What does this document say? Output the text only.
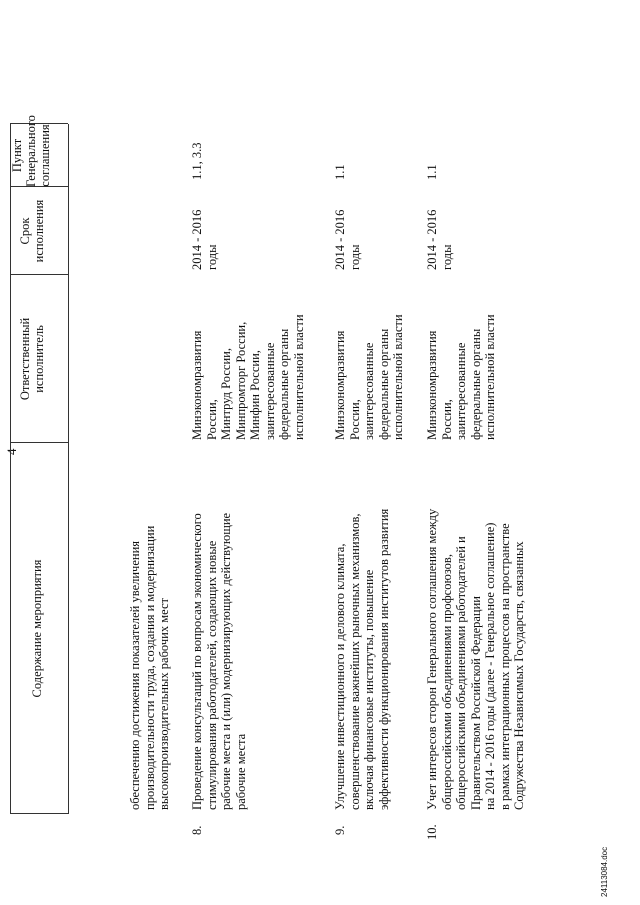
4
Содержание мероприятия
Ответственный
исполнитель
Срок
исполнения
Пункт
Генерального
соглашения
обеспечению достижения показателей увеличения
производительности труда, создания и модернизации
высокопроизводительных рабочих мест
8.
Проведение консультаций по вопросам экономического
стимулирования работодателей, создающих новые
рабочие места и (или) модернизирующих действующие
рабочие места
Минэкономразвития
России,
Минтруд России,
Минпромторг России,
Минфин России,
заинтересованные
федеральные органы
исполнительной власти
2014 - 2016
годы
1.1, 3.3
9.
Улучшение инвестиционного и делового климата,
совершенствование важнейших рыночных механизмов,
включая финансовые институты, повышение
эффективности функционирования институтов развития
Минэкономразвития
России,
заинтересованные
федеральные органы
исполнительной власти
2014 - 2016
годы
1.1
10.
Учет интересов сторон Генерального соглашения между
общероссийскими объединениями профсоюзов,
общероссийскими объединениями работодателей и
Правительством Российской Федерации
на 2014 - 2016 годы (далее - Генеральное соглашение)
в рамках интеграционных процессов на пространстве
Содружества Независимых Государств, связанных
Минэкономразвития
России,
заинтересованные
федеральные органы
исполнительной власти
2014 - 2016
годы
1.1
24113084.doc
